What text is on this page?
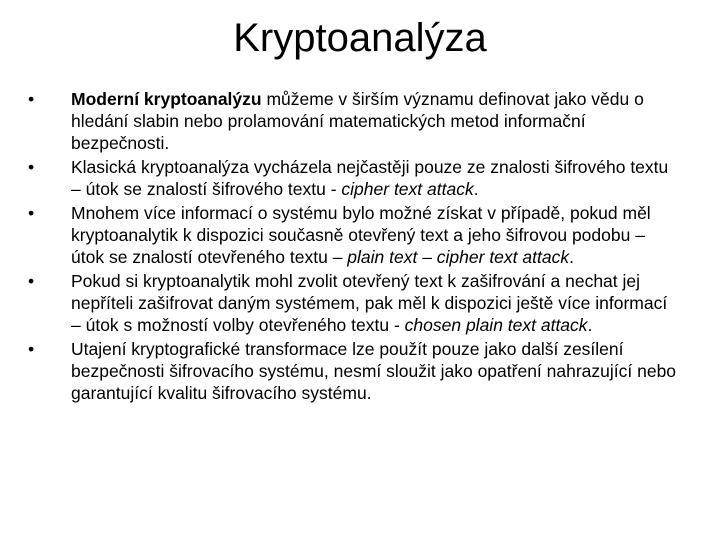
Kryptoanalýza
•	Moderní kryptoanalýzu můžeme v širším významu definovat jako vědu o hledání slabin nebo prolamování matematických metod informační bezpečnosti.
•	Klasická kryptoanalýza vycházela nejčastěji pouze ze znalosti šifrového textu – útok se znalostí šifrového textu - cipher text attack.
•	Mnohem více informací o systému bylo možné získat v případě, pokud měl kryptoanalytik k dispozici současně otevřený text a jeho šifrovou podobu – útok se znalostí otevřeného textu – plain text – cipher text attack.
•	Pokud si kryptoanalytik mohl zvolit otevřený text k zašifrování a nechat jej nepříteli zašifrovat daným systémem, pak měl k dispozici ještě více informací – útok s možností volby otevřeného textu - chosen plain text attack.
•	Utajení kryptografické transformace lze použít pouze jako další zesílení bezpečnosti šifrovacího systému, nesmí sloužit jako opatření nahrazující nebo garantující kvalitu šifrovacího systému.
